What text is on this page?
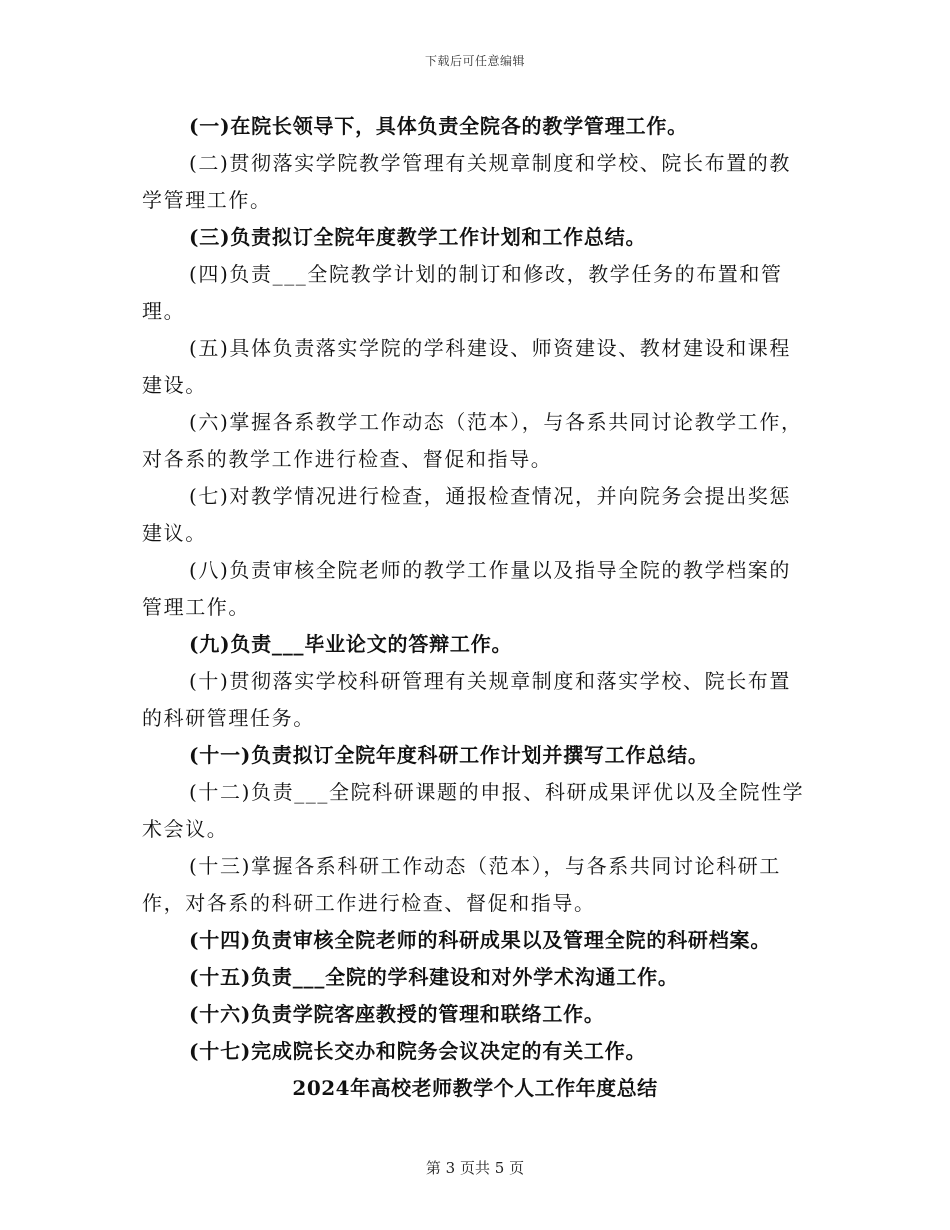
下载后可任意编辑

(一)在院长领导下，具体负责全院各的教学管理工作。

(二)贯彻落实学院教学管理有关规章制度和学校、院长布置的教学管理工作。

(三)负责拟订全院年度教学工作计划和工作总结。

(四)负责___全院教学计划的制订和修改，教学任务的布置和管理。

(五)具体负责落实学院的学科建设、师资建设、教材建设和课程建设。

(六)掌握各系教学工作动态（范本），与各系共同讨论教学工作，对各系的教学工作进行检查、督促和指导。

(七)对教学情况进行检查，通报检查情况，并向院务会提出奖惩建议。

(八)负责审核全院老师的教学工作量以及指导全院的教学档案的管理工作。

(九)负责___毕业论文的答辩工作。

(十)贯彻落实学校科研管理有关规章制度和落实学校、院长布置的科研管理任务。

(十一)负责拟订全院年度科研工作计划并撰写工作总结。

(十二)负责___全院科研课题的申报、科研成果评优以及全院性学术会议。

(十三)掌握各系科研工作动态（范本），与各系共同讨论科研工作，对各系的科研工作进行检查、督促和指导。

(十四)负责审核全院老师的科研成果以及管理全院的科研档案。

(十五)负责___全院的学科建设和对外学术沟通工作。

(十六)负责学院客座教授的管理和联络工作。

(十七)完成院长交办和院务会议决定的有关工作。

2024年高校老师教学个人工作年度总结

第 3 页共 5 页
